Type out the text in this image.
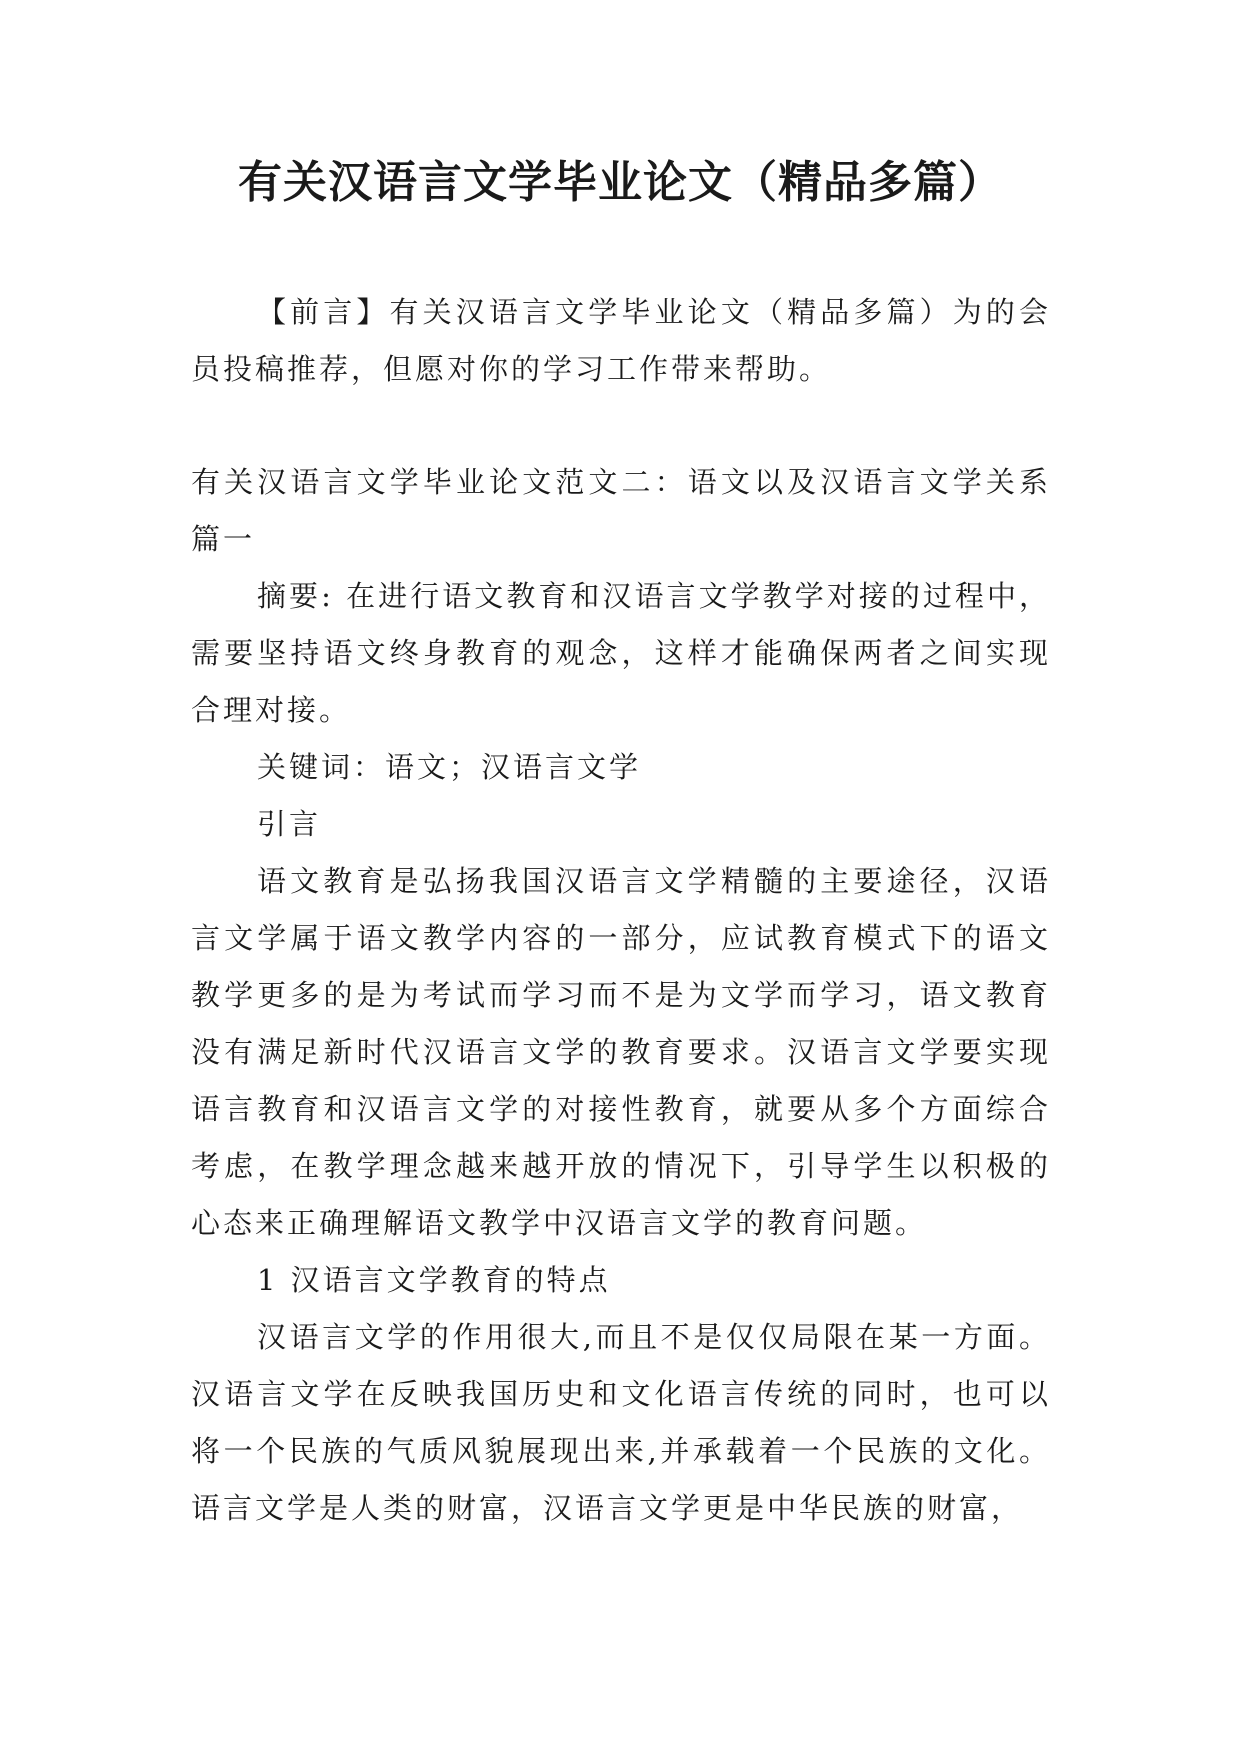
有关汉语言文学毕业论文（精品多篇）

【前言】有关汉语言文学毕业论文（精品多篇）为的会员投稿推荐，但愿对你的学习工作带来帮助。

有关汉语言文学毕业论文范文二：语文以及汉语言文学关系篇一

摘要: 在进行语文教育和汉语言文学教学对接的过程中，需要坚持语文终身教育的观念，这样才能确保两者之间实现合理对接。

关键词：语文；汉语言文学

引言

语文教育是弘扬我国汉语言文学精髓的主要途径，汉语言文学属于语文教学内容的一部分，应试教育模式下的语文教学更多的是为考试而学习而不是为文学而学习，语文教育没有满足新时代汉语言文学的教育要求。汉语言文学要实现语言教育和汉语言文学的对接性教育，就要从多个方面综合考虑，在教学理念越来越开放的情况下，引导学生以积极的心态来正确理解语文教学中汉语言文学的教育问题。

1 汉语言文学教育的特点

汉语言文学的作用很大,而且不是仅仅局限在某一方面。汉语言文学在反映我国历史和文化语言传统的同时，也可以将一个民族的气质风貌展现出来,并承载着一个民族的文化。语言文学是人类的财富，汉语言文学更是中华民族的财富，
